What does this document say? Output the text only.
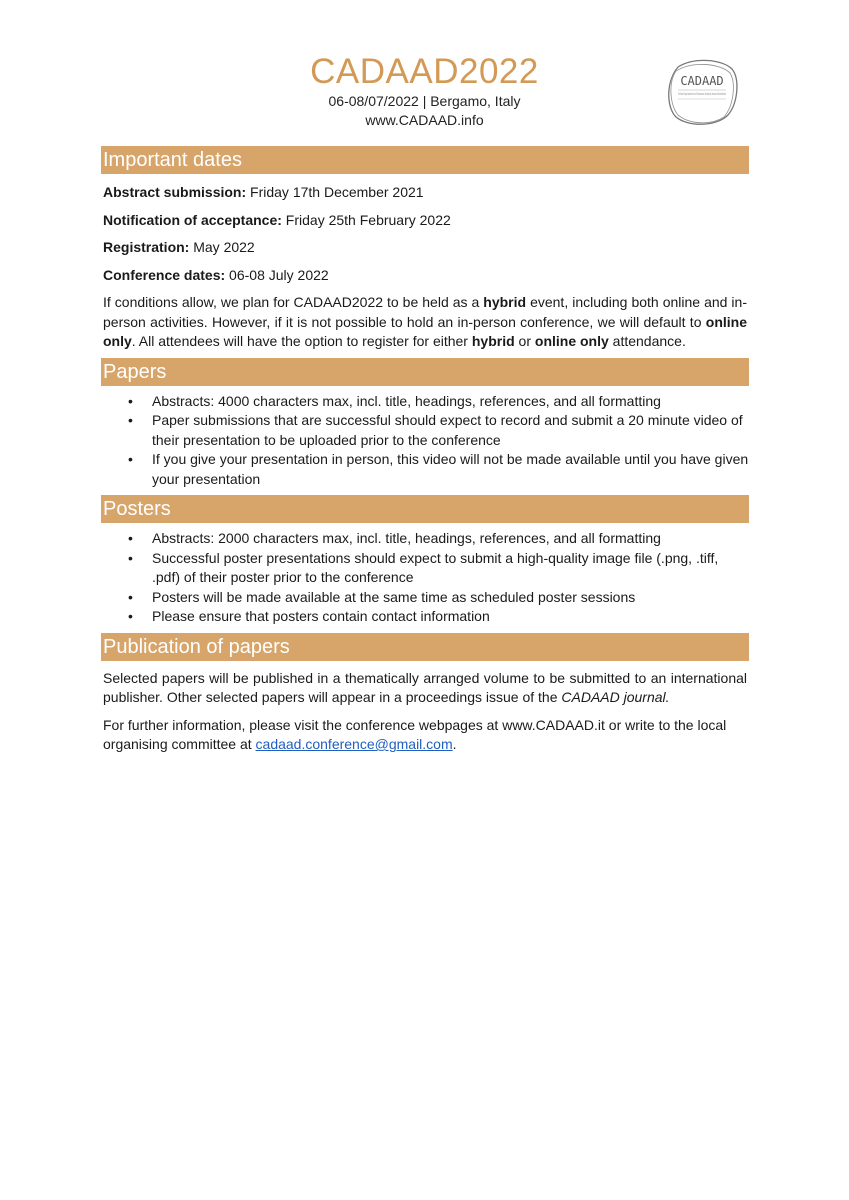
CADAAD2022
06-08/07/2022 | Bergamo, Italy
www.CADAAD.info
CADAAD
Critical Approaches to Discourse Analysis across Disciplines
Important dates
Abstract submission: Friday 17th December 2021
Notification of acceptance: Friday 25th February 2022
Registration: May 2022
Conference dates: 06-08 July 2022
If conditions allow, we plan for CADAAD2022 to be held as a hybrid event, including both online and in-person activities. However, if it is not possible to hold an in-person conference, we will default to online only. All attendees will have the option to register for either hybrid or online only attendance.
Papers
• Abstracts: 4000 characters max, incl. title, headings, references, and all formatting
• Paper submissions that are successful should expect to record and submit a 20 minute video of their presentation to be uploaded prior to the conference
• If you give your presentation in person, this video will not be made available until you have given your presentation
Posters
• Abstracts: 2000 characters max, incl. title, headings, references, and all formatting
• Successful poster presentations should expect to submit a high-quality image file (.png, .tiff, .pdf) of their poster prior to the conference
• Posters will be made available at the same time as scheduled poster sessions
• Please ensure that posters contain contact information
Publication of papers
Selected papers will be published in a thematically arranged volume to be submitted to an international publisher. Other selected papers will appear in a proceedings issue of the CADAAD journal.
For further information, please visit the conference webpages at www.CADAAD.it or write to the local organising committee at cadaad.conference@gmail.com.
